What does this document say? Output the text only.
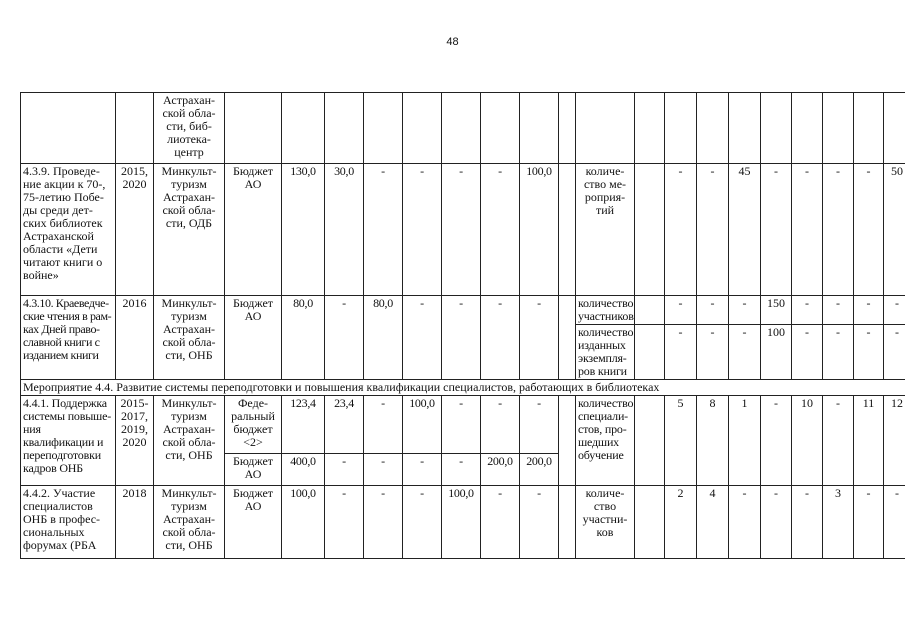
48
		Астрахан-ской обла-сти, биб-лиотека-центр																			
4.3.9. Проведе-ние акции к 70-, 75-летию Побе-ды среди дет-ских библиотек Астраханской области «Дети читают книги о войне»	2015, 2020	Минкульт-туризм Астрахан-ской обла-сти, ОДБ	Бюджет АО	130,0	30,0	-	-	-	-	100,0		количе-ство ме-роприя-тий		-	-	45	-	-	-	-	50
4.3.10. Краеведче-ские чтения в рам-ках Дней право-славной книги с изданием книги	2016	Минкульт-туризм Астрахан-ской обла-сти, ОНБ	Бюджет АО	80,0	-	80,0	-	-	-	-		количество участников		-	-	-	150	-	-	-	-
												количество изданных экземпля-ров книги		-	-	-	100	-	-	-	-
Мероприятие 4.4. Развитие системы переподготовки и повышения квалификации специалистов, работающих в библиотеках																					
4.4.1. Поддержка системы повыше-ния квалификации и переподготовки кадров ОНБ	2015-2017, 2019, 2020	Минкульт-туризм Астрахан-ской обла-сти, ОНБ	Феде-ральный бюджет <2>	123,4	23,4	-	100,0	-	-	-		количество специали-стов, про-шедших обучение		5	8	1	-	10	-	11	12
			Бюджет АО	400,0	-	-	-	-	200,0	200,0											
4.4.2. Участие специалистов ОНБ в профес-сиональных форумах (РБА	2018	Минкульт-туризм Астрахан-ской обла-сти, ОНБ	Бюджет АО	100,0	-	-	-	100,0	-	-		количе-ство участни-ков		2	4	-	-	-	3	-	-
